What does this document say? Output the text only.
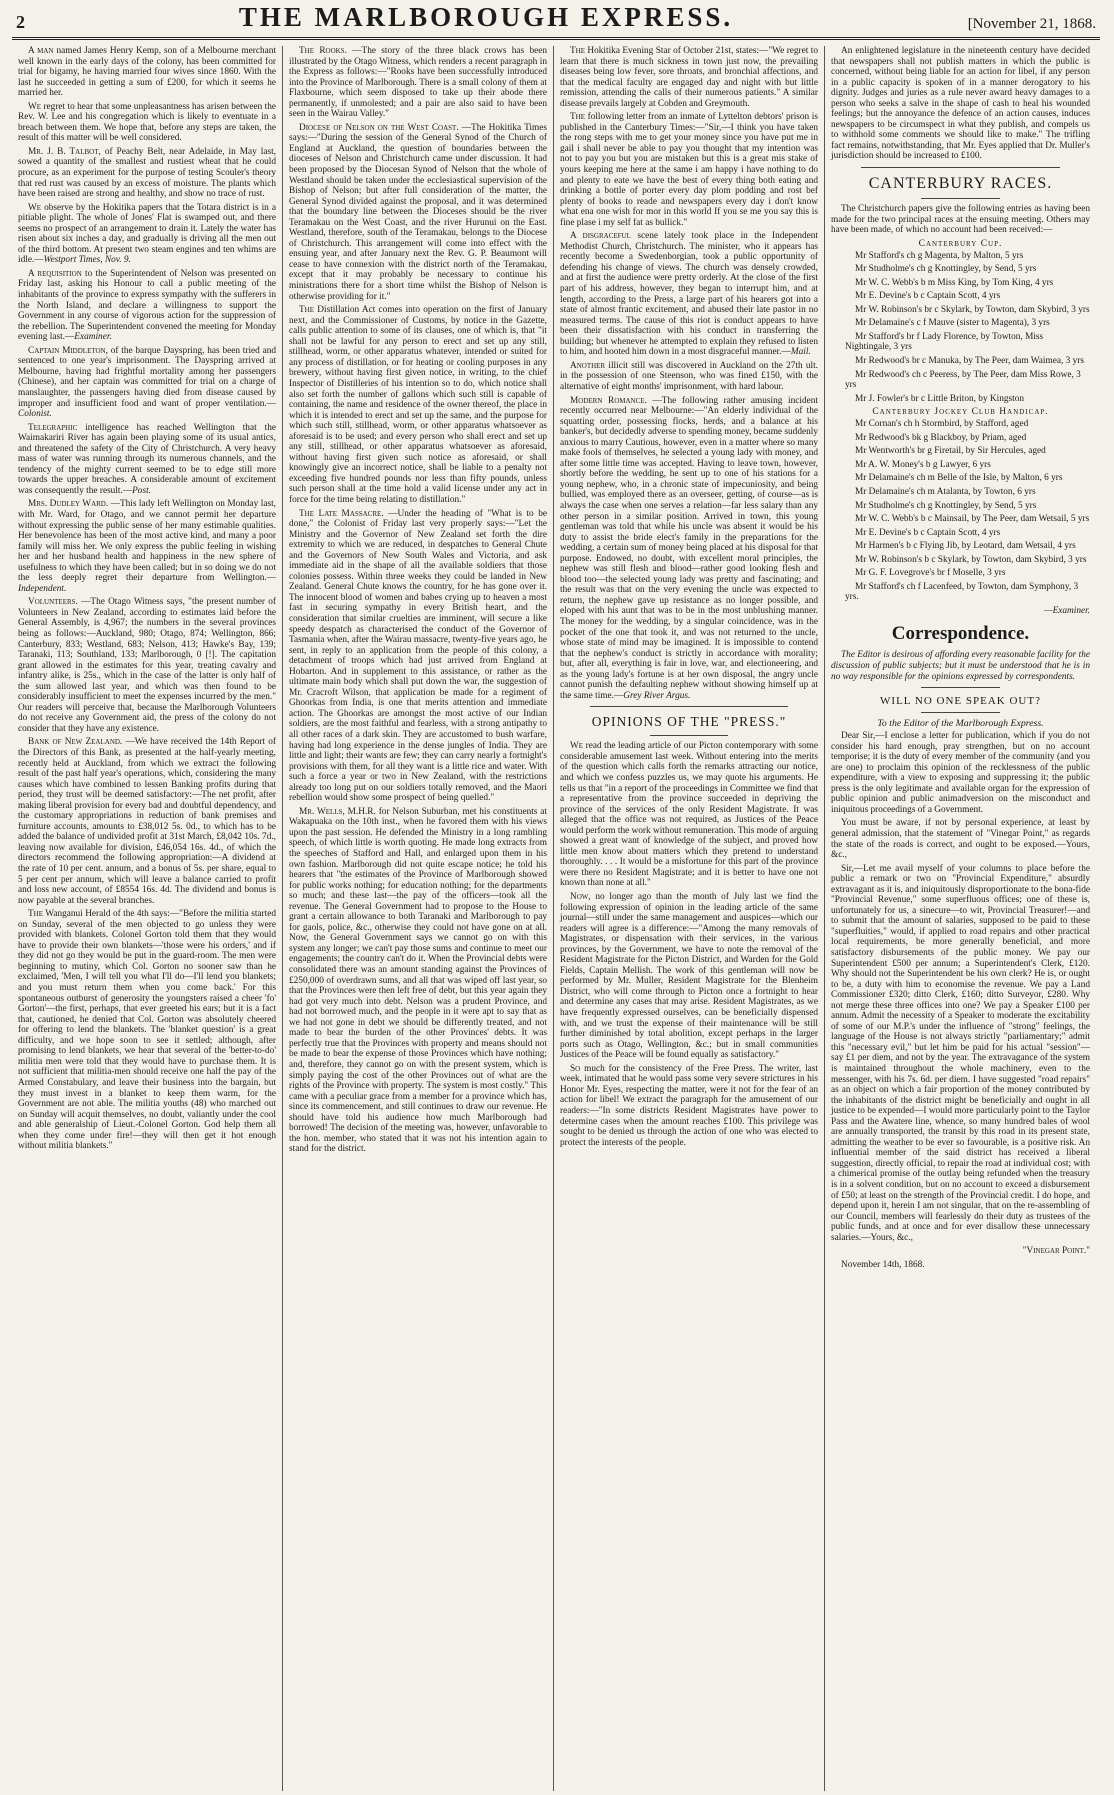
2	THE MARLBOROUGH EXPRESS.	[November 21, 1868.

A man named James Henry Kemp, son of a Melbourne merchant well known in the early days of the colony, has been committed for trial for bigamy, he having married four wives since 1860. With the last he succeeded in getting a sum of £200, for which it seems he married her.

We regret to hear that some unpleasantness has arisen between the Rev. W. Lee and his congregation which is likely to eventuate in a breach between them. We hope that, before any steps are taken, the result of this matter will be well considered.

Mr. J. B. Talbot, of Peachy Belt, near Adelaide, in May last, sowed a quantity of the smallest and rustiest wheat that he could procure, as an experiment for the purpose of testing Scouler's theory that red rust was caused by an excess of moisture. The plants which have been raised are strong and healthy, and show no trace of rust.

We observe by the Hokitika papers that the Totara district is in a pitiable plight. The whole of Jones' Flat is swamped out, and there seems no prospect of an arrangement to drain it. Lately the water has risen about six inches a day, and gradually is driving all the men out of the third bottom. At present two steam engines and ten whims are idle.—Westport Times, Nov. 9.

A requisition to the Superintendent of Nelson was presented on Friday last, asking his Honour to call a public meeting of the inhabitants of the province to express sympathy with the sufferers in the North Island, and declare a willingness to support the Government in any course of vigorous action for the suppression of the rebellion. The Superintendent convened the meeting for Monday evening last.—Examiner.

Captain Middleton, of the barque Dayspring, has been tried and sentenced to one year's imprisonment. The Dayspring arrived at Melbourne, having had frightful mortality among her passengers (Chinese), and her captain was committed for trial on a charge of manslaughter, the passengers having died from disease caused by improper and insufficient food and want of proper ventilation.—Colonist.

Telegraphic intelligence has reached Wellington that the Waimakariri River has again been playing some of its usual antics, and threatened the safety of the City of Christchurch. A very heavy mass of water was running through its numerous channels, and the tendency of the mighty current seemed to be to edge still more towards the upper breaches. A considerable amount of excitement was consequently the result.—Post.

Mrs. Dudley Ward. —This lady left Wellington on Monday last, with Mr. Ward, for Otago, and we cannot permit her departure without expressing the public sense of her many estimable qualities. Her benevolence has been of the most active kind, and many a poor family will miss her. We only express the public feeling in wishing her and her husband health and happiness in the new sphere of usefulness to which they have been called; but in so doing we do not the less deeply regret their departure from Wellington.—Independent.

Volunteers. —The Otago Witness says, "the present number of Volunteers in New Zealand, according to estimates laid before the General Assembly, is 4,967; the numbers in the several provinces being as follows:—Auckland, 980; Otago, 874; Wellington, 866; Canterbury, 833; Westland, 683; Nelson, 413; Hawke's Bay, 139; Taranaki, 113; Southland, 133; Marlborough, 0 [!]. The capitation grant allowed in the estimates for this year, treating cavalry and infantry alike, is 25s., which in the case of the latter is only half of the sum allowed last year, and which was then found to be considerably insufficient to meet the expenses incurred by the men." Our readers will perceive that, because the Marlborough Volunteers do not receive any Government aid, the press of the colony do not consider that they have any existence.

Bank of New Zealand. —We have received the 14th Report of the Directors of this Bank, as presented at the half-yearly meeting, recently held at Auckland, from which we extract the following result of the past half year's operations, which, considering the many causes which have combined to lessen Banking profits during that period, they trust will be deemed satisfactory:—The net profit, after making liberal provision for every bad and doubtful dependency, and the customary appropriations in reduction of bank premises and furniture accounts, amounts to £38,012 5s. 0d., to which has to be added the balance of undivided profit at 31st March, £8,042 10s. 7d., leaving now available for division, £46,054 16s. 4d., of which the directors recommend the following appropriation:—A dividend at the rate of 10 per cent. annum, and a bonus of 5s. per share, equal to 5 per cent per annum, which will leave a balance carried to profit and loss new account, of £8554 16s. 4d. The dividend and bonus is now payable at the several branches.

The Wanganui Herald of the 4th says:—"Before the militia started on Sunday, several of the men objected to go unless they were provided with blankets. Colonel Gorton told them that they would have to provide their own blankets—'those were his orders,' and if they did not go they would be put in the guard-room. The men were beginning to mutiny, which Col. Gorton no sooner saw than he exclaimed, 'Men, I will tell you what I'll do—I'll lend you blankets; and you must return them when you come back.' For this spontaneous outburst of generosity the youngsters raised a cheer 'fo' Gorton'—the first, perhaps, that ever greeted his ears; but it is a fact that, cautioned, he denied that Col. Gorton was absolutely cheered for offering to lend the blankets. The 'blanket question' is a great difficulty, and we hope soon to see it settled; although, after promising to lend blankets, we hear that several of the 'better-to-do' militia men were told that they would have to purchase them. It is not sufficient that militia-men should receive one half the pay of the Armed Constabulary, and leave their business into the bargain, but they must invest in a blanket to keep them warm, for the Government are not able. The militia youths (48) who marched out on Sunday will acquit themselves, no doubt, valiantly under the cool and able generalship of Lieut.-Colonel Gorton. God help them all when they come under fire!—they will then get it hot enough without militia blankets."

The Rooks. —The story of the three black crows has been illustrated by the Otago Witness, which renders a recent paragraph in the Express as follows:—"Rooks have been successfully introduced into the Province of Marlborough. There is a small colony of them at Flaxbourne, which seem disposed to take up their abode there permanently, if unmolested; and a pair are also said to have been seen in the Wairau Valley."

Diocese of Nelson on the West Coast. —The Hokitika Times says:—"During the session of the General Synod of the Church of England at Auckland, the question of boundaries between the dioceses of Nelson and Christchurch came under discussion. It had been proposed by the Diocesan Synod of Nelson that the whole of Westland should be taken under the ecclesiastical supervision of the Bishop of Nelson; but after full consideration of the matter, the General Synod divided against the proposal, and it was determined that the boundary line between the Dioceses should be the river Teramakau on the West Coast, and the river Hurunui on the East. Westland, therefore, south of the Teramakau, belongs to the Diocese of Christchurch. This arrangement will come into effect with the ensuing year, and after January next the Rev. G. P. Beaumont will cease to have connexion with the district north of the Teramakau, except that it may probably be necessary to continue his ministrations there for a short time whilst the Bishop of Nelson is otherwise providing for it."

The Distillation Act comes into operation on the first of January next, and the Commissioner of Customs, by notice in the Gazette, calls public attention to some of its clauses, one of which is, that "it shall not be lawful for any person to erect and set up any still, stillhead, worm, or other apparatus whatever, intended or suited for any process of distillation, or for heating or cooling purposes in any brewery, without having first given notice, in writing, to the chief Inspector of Distilleries of his intention so to do, which notice shall also set forth the number of gallons which such still is capable of containing, the name and residence of the owner thereof, the place in which it is intended to erect and set up the same, and the purpose for which such still, stillhead, worm, or other apparatus whatsoever as aforesaid is to be used; and every person who shall erect and set up any still, stillhead, or other apparatus whatsoever as aforesaid, without having first given such notice as aforesaid, or shall knowingly give an incorrect notice, shall be liable to a penalty not exceeding five hundred pounds nor less than fifty pounds, unless such person shall at the time hold a valid license under any act in force for the time being relating to distillation."

The Late Massacre. —Under the heading of "What is to be done," the Colonist of Friday last very properly says:—"Let the Ministry and the Governor of New Zealand set forth the dire extremity to which we are reduced, in despatches to General Chute and the Governors of New South Wales and Victoria, and ask immediate aid in the shape of all the available soldiers that those colonies possess. Within three weeks they could be landed in New Zealand. General Chute knows the country, for he has gone over it. The innocent blood of women and babes crying up to heaven a most fast in securing sympathy in every British heart, and the consideration that similar cruelties are imminent, will secure a like speedy despatch as characterised the conduct of the Governor of Tasmania when, after the Wairau massacre, twenty-five years ago, he sent, in reply to an application from the people of this colony, a detachment of troops which had just arrived from England at Hobarton. And in supplement to this assistance, or rather as the ultimate main body which shall put down the war, the suggestion of Mr. Cracroft Wilson, that application be made for a regiment of Ghoorkas from India, is one that merits attention and immediate action. The Ghoorkas are amongst the most active of our Indian soldiers, are the most faithful and fearless, with a strong antipathy to all other races of a dark skin. They are accustomed to bush warfare, having had long experience in the dense jungles of India. They are little and light; their wants are few; they can carry nearly a fortnight's provisions with them, for all they want is a little rice and water. With such a force a year or two in New Zealand, with the restrictions already too long put on our soldiers totally removed, and the Maori rebellion would show some prospect of being quelled."

Mr. Wells, M.H.R. for Nelson Suburban, met his constituents at Wakapuaka on the 10th inst., when he favored them with his views upon the past session. He defended the Ministry in a long rambling speech, of which little is worth quoting. He made long extracts from the speeches of Stafford and Hall, and enlarged upon them in his own fashion. Marlborough did not quite escape notice; he told his hearers that "the estimates of the Province of Marlborough showed for public works nothing; for education nothing; for the departments so much; and these last—the pay of the officers—took all the revenue. The General Government had to propose to the House to grant a certain allowance to both Taranaki and Marlborough to pay for gaols, police, &c., otherwise they could not have gone on at all. Now, the General Government says we cannot go on with this system any longer; we can't pay those sums and continue to meet our engagements; the country can't do it. When the Provincial debts were consolidated there was an amount standing against the Provinces of £250,000 of overdrawn sums, and all that was wiped off last year, so that the Provinces were then left free of debt, but this year again they had got very much into debt. Nelson was a prudent Province, and had not borrowed much, and the people in it were apt to say that as we had not gone in debt we should be differently treated, and not made to bear the burden of the other Provinces' debts. It was perfectly true that the Provinces with property and means should not be made to bear the expense of those Provinces which have nothing; and, therefore, they cannot go on with the present system, which is simply paying the cost of the other Provinces out of what are the rights of the Province with property. The system is most costly." This came with a peculiar grace from a member for a province which has, since its commencement, and still continues to draw our revenue. He should have told his audience how much Marlborough had borrowed! The decision of the meeting was, however, unfavorable to the hon. member, who stated that it was not his intention again to stand for the district.

The Hokitika Evening Star of October 21st, states:—"We regret to learn that there is much sickness in town just now, the prevailing diseases being low fever, sore throats, and bronchial affections, and that the medical faculty are engaged day and night with but little remission, attending the calls of their numerous patients." A similar disease prevails largely at Cobden and Greymouth.

The following letter from an inmate of Lyttelton debtors' prison is published in the Canterbury Times:—"Sir,—I think you have taken the rong steps with me to get your money since you have put me in gail i shall never be able to pay you thought that my intention was not to pay you but you are mistaken but this is a great mis stake of yours keeping me here at the same i am happy i have nothing to do and plenty to eate we have the best of every thing both eating and drinking a bottle of porter every day plom podding and rost bef plenty of books to reade and newspapers every day i don't know what ena one wish for mor in this world If you se me you say this is fine plase i my self fat as bullick."

A disgraceful scene lately took place in the Independent Methodist Church, Christchurch. The minister, who it appears has recently become a Swedenborgian, took a public opportunity of defending his change of views. The church was densely crowded, and at first the audience were pretty orderly. At the close of the first part of his address, however, they began to interrupt him, and at length, according to the Press, a large part of his hearers got into a state of almost frantic excitement, and abused their late pastor in no measured terms. The cause of this riot is conduct appears to have been their dissatisfaction with his conduct in transferring the building; but whenever he attempted to explain they refused to listen to him, and hooted him down in a most disgraceful manner.—Mail.

Another illicit still was discovered in Auckland on the 27th ult. in the possession of one Steenson, who was fined £150, with the alternative of eight months' imprisonment, with hard labour.

Modern Romance. —The following rather amusing incident recently occurred near Melbourne:—"An elderly individual of the squatting order, possessing flocks, herds, and a balance at his banker's, but decidedly adverse to spending money, became suddenly anxious to marry Cautious, however, even in a matter where so many make fools of themselves, he selected a young lady with money, and after some little time was accepted. Having to leave town, however, shortly before the wedding, he sent up to one of his stations for a young nephew, who, in a chronic state of impecuniosity, and being bullied, was employed there as an overseer, getting, of course—as is always the case when one serves a relation—far less salary than any other person in a similar position. Arrived in town, this young gentleman was told that while his uncle was absent it would be his duty to assist the bride elect's family in the preparations for the wedding, a certain sum of money being placed at his disposal for that purpose. Endowed, no doubt, with excellent moral principles, the nephew was still flesh and blood—rather good looking flesh and blood too—the selected young lady was pretty and fascinating; and the result was that on the very evening the uncle was expected to return, the nephew gave up resistance as no longer possible, and eloped with his aunt that was to be in the most unblushing manner. The money for the wedding, by a singular coincidence, was in the pocket of the one that took it, and was not returned to the uncle, whose state of mind may be imagined. It is impossible to contend that the nephew's conduct is strictly in accordance with morality; but, after all, everything is fair in love, war, and electioneering, and as the young lady's fortune is at her own disposal, the angry uncle cannot punish the defaulting nephew without showing himself up at the same time.—Grey River Argus.

OPINIONS OF THE "PRESS."

We read the leading article of our Picton contemporary with some considerable amusement last week. Without entering into the merits of the question which calls forth the remarks attracting our notice, and which we confess puzzles us, we may quote his arguments. He tells us that "in a report of the proceedings in Committee we find that a representative from the province succeeded in depriving the province of the services of the only Resident Magistrate. It was alleged that the office was not required, as Justices of the Peace would perform the work without remuneration. This mode of arguing showed a great want of knowledge of the subject, and proved how little men know about matters which they pretend to understand thoroughly. . . . It would be a misfortune for this part of the province were there no Resident Magistrate; and it is better to have one not known than none at all."

Now, no longer ago than the month of July last we find the following expression of opinion in the leading article of the same journal—still under the same management and auspices—which our readers will agree is a difference:—"Among the many removals of Magistrates, or dispensation with their services, in the various provinces, by the Government, we have to note the removal of the Resident Magistrate for the Picton District, and Warden for the Gold Fields, Captain Mellish. The work of this gentleman will now be performed by Mr. Muller, Resident Magistrate for the Blenheim District, who will come through to Picton once a fortnight to hear and determine any cases that may arise. Resident Magistrates, as we have frequently expressed ourselves, can be beneficially dispensed with, and we trust the expense of their maintenance will be still further diminished by total abolition, except perhaps in the larger ports such as Otago, Wellington, &c.; but in small communities Justices of the Peace will be found equally as satisfactory."

So much for the consistency of the Free Press. The writer, last week, intimated that he would pass some very severe strictures in his Honor Mr. Eyes, respecting the matter, were it not for the fear of an action for libel! We extract the paragraph for the amusement of our readers:—"In some districts Resident Magistrates have power to determine cases when the amount reaches £100. This privilege was sought to be denied us through the action of one who was elected to protect the interests of the people.

An enlightened legislature in the nineteenth century have decided that newspapers shall not publish matters in which the public is concerned, without being liable for an action for libel, if any person in a public capacity is spoken of in a manner derogatory to his dignity. Judges and juries as a rule never award heavy damages to a person who seeks a salve in the shape of cash to heal his wounded feelings; but the annoyance the defence of an action causes, induces newspapers to be circumspect in what they publish, and compels us to withhold some comments we should like to make." The trifling fact remains, notwithstanding, that Mr. Eyes applied that Dr. Muller's jurisdiction should be increased to £100.

CANTERBURY RACES.

The Christchurch papers give the following entries as having been made for the two principal races at the ensuing meeting. Others may have been made, of which no account had been received:—

Canterbury Cup.

Mr Stafford's ch g Magenta, by Malton, 5 yrs

Mr Studholme's ch g Knottingley, by Send, 5 yrs

Mr W. C. Webb's b m Miss King, by Tom King, 4 yrs

Mr E. Devine's b c Captain Scott, 4 yrs

Mr W. Robinson's br c Skylark, by Towton, dam Skybird, 3 yrs

Mr Delamaine's c f Mauve (sister to Magenta), 3 yrs

Mr Stafford's br f Lady Florence, by Towton, Miss Nightingale, 3 yrs

Mr Redwood's br c Manuka, by The Peer, dam Waimea, 3 yrs

Mr Redwood's ch c Peeress, by The Peer, dam Miss Rowe, 3 yrs

Mr J. Fowler's br c Little Briton, by Kingston

Canterbury Jockey Club Handicap.

Mr Cornan's ch h Stormbird, by Stafford, aged

Mr Redwood's bk g Blackboy, by Priam, aged

Mr Wentworth's br g Firetail, by Sir Hercules, aged

Mr A. W. Money's b g Lawyer, 6 yrs

Mr Delamaine's ch m Belle of the Isle, by Malton, 6 yrs

Mr Delamaine's ch m Atalanta, by Towton, 6 yrs

Mr Studholme's ch g Knottingley, by Send, 5 yrs

Mr W. C. Webb's b c Mainsail, by The Peer, dam Wetsail, 5 yrs

Mr E. Devine's b c Captain Scott, 4 yrs

Mr Harmen's b c Flying Jib, by Leotard, dam Wetsail, 4 yrs

Mr W. Robinson's b c Skylark, by Towton, dam Skybird, 3 yrs

Mr G. F. Lovegrove's br f Moselle, 3 yrs

Mr Stafford's ch f Lacenfeed, by Towton, dam Symphony, 3 yrs.

—Examiner.

Correspondence.

The Editor is desirous of affording every reasonable facility for the discussion of public subjects; but it must be understood that he is in no way responsible for the opinions expressed by correspondents.

WILL NO ONE SPEAK OUT?
To the Editor of the Marlborough Express.

Dear Sir,—I enclose a letter for publication, which if you do not consider his hard enough, pray strengthen, but on no account temporise; it is the duty of every member of the community (and you are one) to proclaim this opinion of the recklessness of the public expenditure, with a view to exposing and suppressing it; the public press is the only legitimate and available organ for the expression of public opinion and public animadversion on the misconduct and iniquitous proceedings of a Government.

You must be aware, if not by personal experience, at least by general admission, that the statement of "Vinegar Point," as regards the state of the roads is correct, and ought to be exposed.—Yours, &c.,

Sir,—Let me avail myself of your columns to place before the public a remark or two on "Provincial Expenditure," absurdly extravagant as it is, and iniquitously disproportionate to the bona-fide "Provincial Revenue," some superfluous offices; one of these is, unfortunately for us, a sinecure—to wit, Provincial Treasurer!—and to submit that the amount of salaries, supposed to be paid to these "superfluities," would, if applied to road repairs and other practical local requirements, be more generally beneficial, and more satisfactory disbursements of the public money. We pay our Superintendent £500 per annum; a Superintendent's Clerk, £120. Why should not the Superintendent be his own clerk? He is, or ought to be, a duty with him to economise the revenue. We pay a Land Commissioner £320; ditto Clerk, £160; ditto Surveyor, £280. Why not merge these three offices into one? We pay a Speaker £100 per annum. Admit the necessity of a Speaker to moderate the excitability of some of our M.P.'s under the influence of "strong" feelings, the language of the House is not always strictly "parliamentary;" admit this "necessary evil," but let him be paid for his actual "session"—say £1 per diem, and not by the year. The extravagance of the system is maintained throughout the whole machinery, even to the messenger, with his 7s. 6d. per diem. I have suggested "road repairs" as an object on which a fair proportion of the money contributed by the inhabitants of the district might be beneficially and ought in all justice to be expended—I would more particularly point to the Taylor Pass and the Awatere line, whence, so many hundred bales of wool are annually transported, the transit by this road in its present state, admitting the weather to be ever so favourable, is a positive risk. An influential member of the said district has received a liberal suggestion, directly official, to repair the road at individual cost; with a chimerical promise of the outlay being refunded when the treasury is in a solvent condition, but on no account to exceed a disbursement of £50; at least on the strength of the Provincial credit. I do hope, and depend upon it, herein I am not singular, that on the re-assembling of our Council, members will fearlessly do their duty as trustees of the public funds, and at once and for ever disallow these unnecessary salaries.—Yours, &c.,

"Vinegar Point."

November 14th, 1868.
